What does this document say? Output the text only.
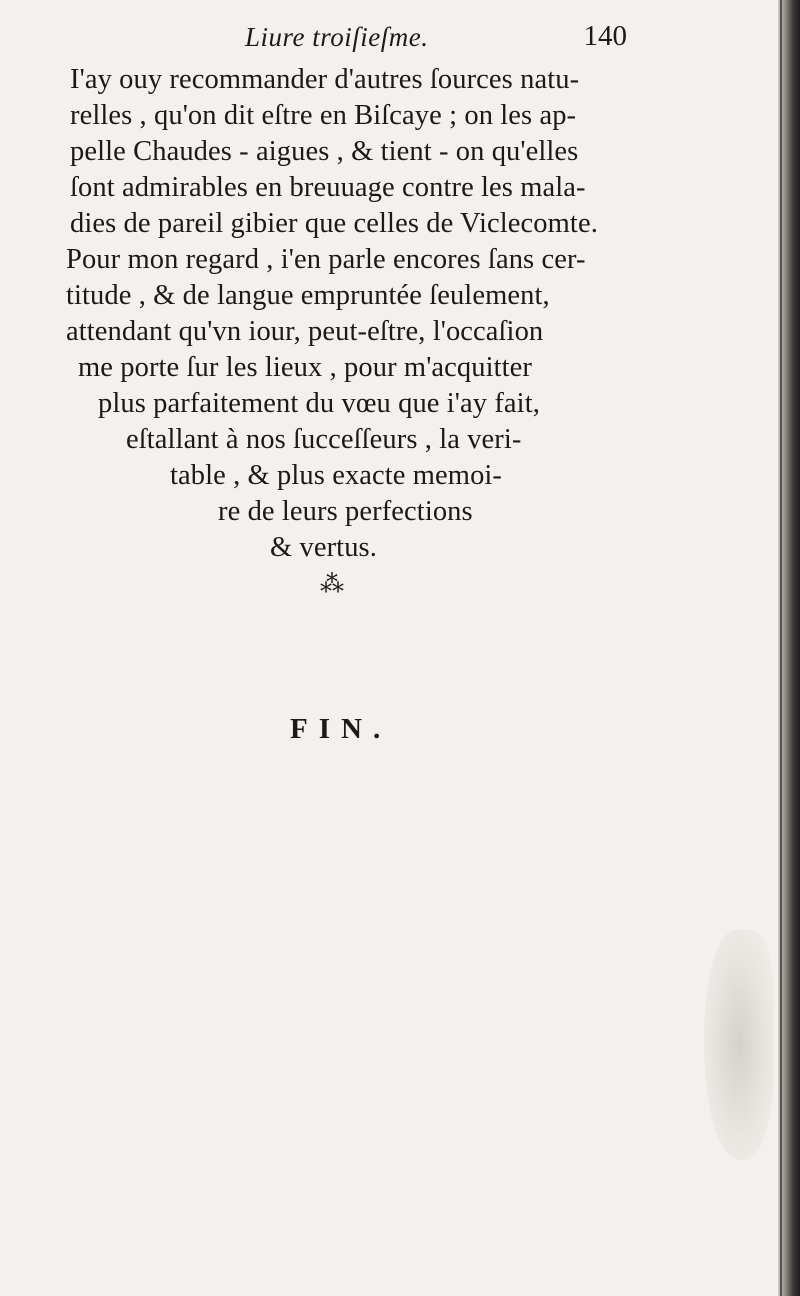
Liure troiſieſme.	140
I'ay ouy recommander d'autres ſources natu-
relles , qu'on dit eſtre en Biſcaye ; on les ap-
pelle Chaudes - aigues , & tient - on qu'elles
ſont admirables en breuuage contre les mala-
dies de pareil gibier que celles de Viclecomte.
Pour mon regard , i'en parle encores ſans cer-
titude , & de langue empruntée ſeulement,
attendant qu'vn iour, peut-eſtre, l'occaſion
me porte ſur les lieux , pour m'acquitter
plus parfaitement du vœu que i'ay fait,
eſtallant à nos ſucceſſeurs , la veri-
table , & plus exacte memoi-
re de leurs perfections
& vertus.
⁂
FIN.
